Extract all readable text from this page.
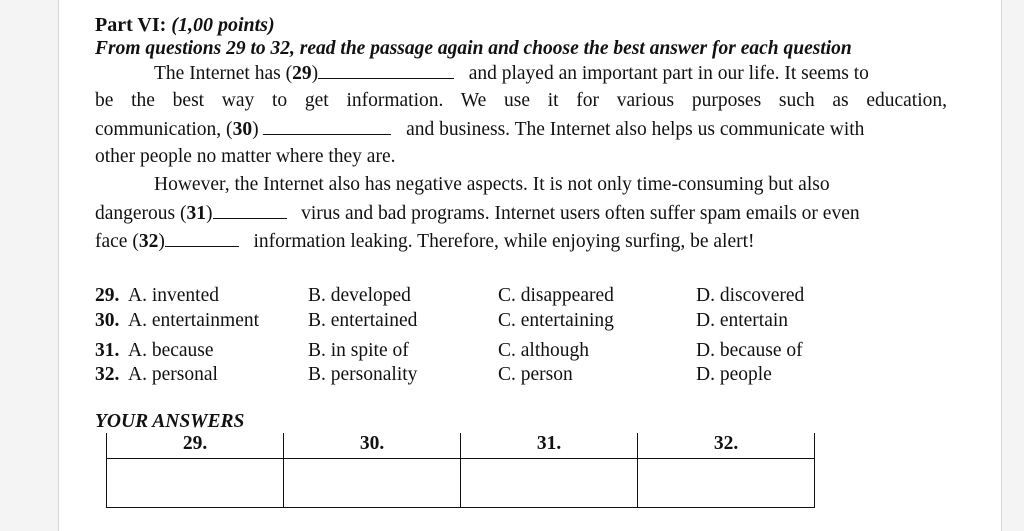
Part VI: (1,00 points)
From questions 29 to 32, read the passage again and choose the best answer for each question
The Internet has (29)	and played an important part in our life. It seems to
be the best way to get information. We use it for various purposes such as education,
communication, (30)	and business. The Internet also helps us communicate with
other people no matter where they are.
However, the Internet also has negative aspects. It is not only time-consuming but also
dangerous (31)	virus and bad programs. Internet users often suffer spam emails or even
face (32)	information leaking. Therefore, while enjoying surfing, be alert!
29. A. invented	B. developed	C. disappeared	D. discovered
30. A. entertainment	B. entertained	C. entertaining	D. entertain
31. A. because	B. in spite of	C. although	D. because of
32. A. personal	B. personality	C. person	D. people
YOUR ANSWERS
29.	30.	31.	32.
